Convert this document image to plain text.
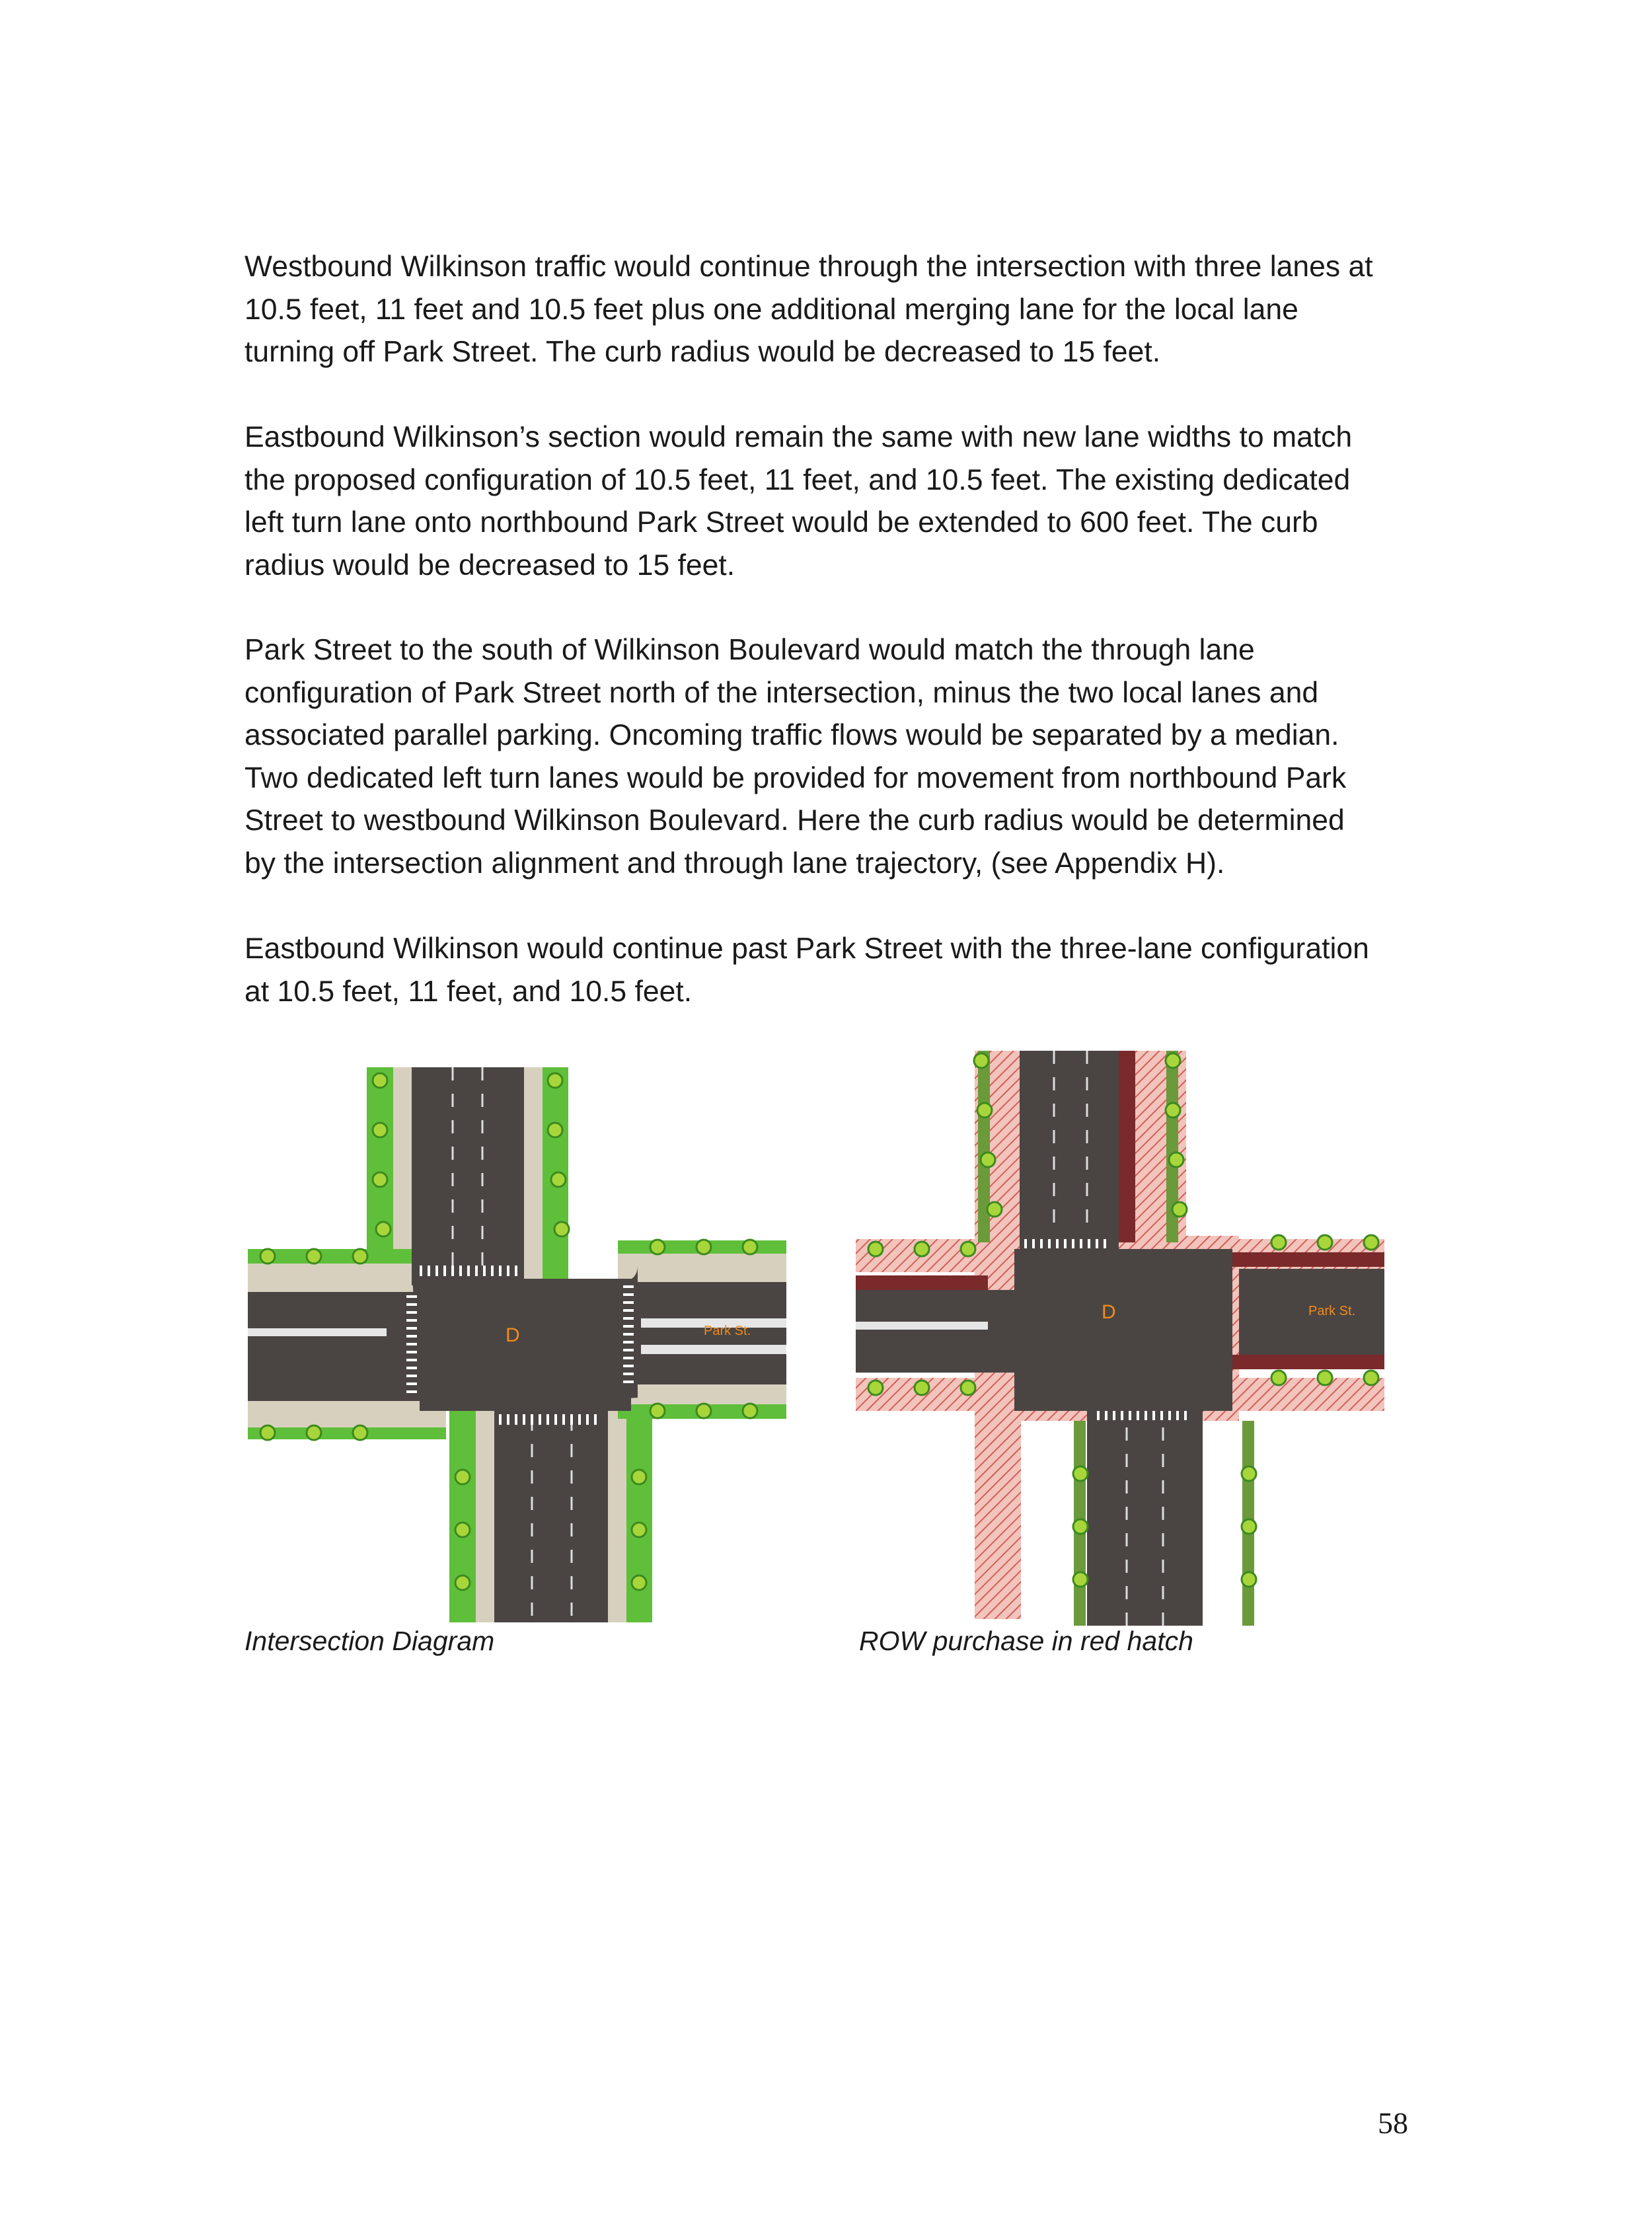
Westbound Wilkinson traffic would continue through the intersection with three lanes at
10.5 feet, 11 feet and 10.5 feet plus one additional merging lane for the local lane
turning off Park Street. The curb radius would be decreased to 15 feet.

Eastbound Wilkinson’s section would remain the same with new lane widths to match
the proposed configuration of 10.5 feet, 11 feet, and 10.5 feet. The existing dedicated
left turn lane onto northbound Park Street would be extended to 600 feet. The curb
radius would be decreased to 15 feet.

Park Street to the south of Wilkinson Boulevard would match the through lane
configuration of Park Street north of the intersection, minus the two local lanes and
associated parallel parking. Oncoming traffic flows would be separated by a median.
Two dedicated left turn lanes would be provided for movement from northbound Park
Street to westbound Wilkinson Boulevard. Here the curb radius would be determined
by the intersection alignment and through lane trajectory, (see Appendix H).

Eastbound Wilkinson would continue past Park Street with the three-lane configuration
at 10.5 feet, 11 feet, and 10.5 feet.

D	Park St.
D	Park St.

Intersection Diagram	ROW purchase in red hatch

58
